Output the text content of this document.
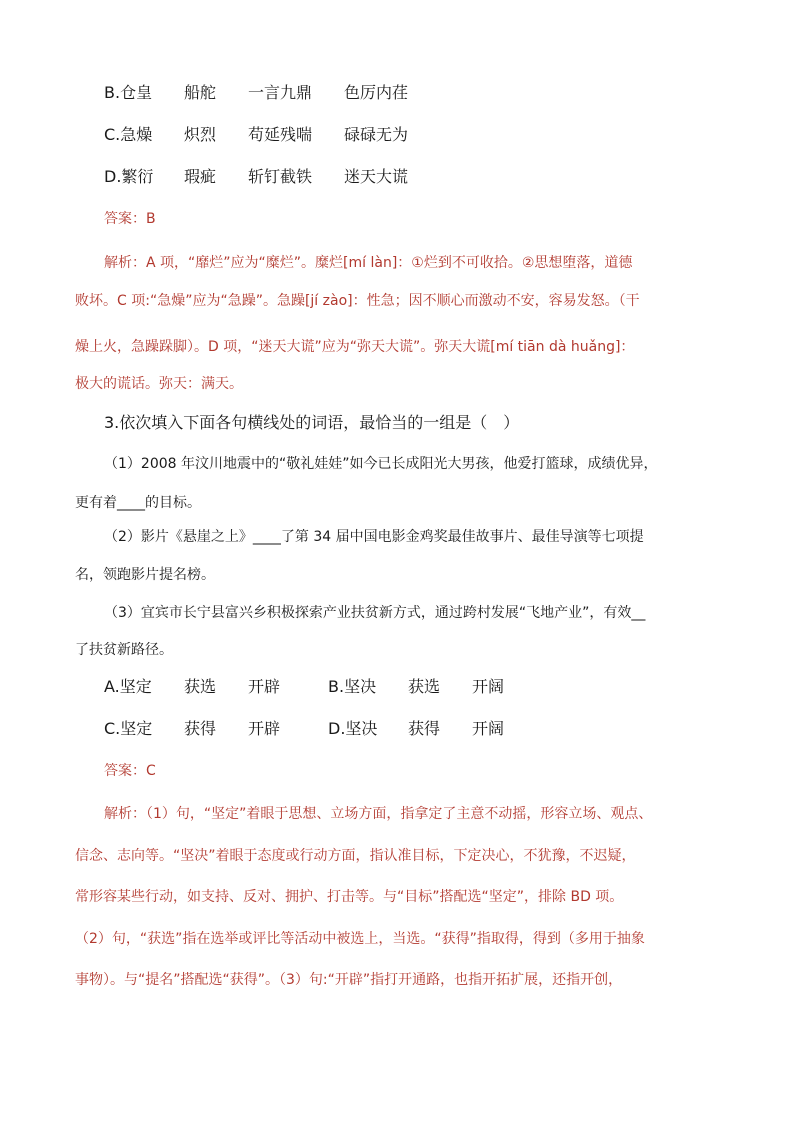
B.仓皇 船舵 一言九鼎 色厉内荏
C.急燥 炽烈 苟延残喘 碌碌无为
D.繁衍 瑕疵 斩钉截铁 迷天大谎
答案：B
解析：A 项，“靡烂”应为“糜烂”。糜烂[mí làn]：①烂到不可收拾。②思想堕落，道德
败坏。C 项:“急燥”应为“急躁”。急躁[jí zào]：性急；因不顺心而激动不安，容易发怒。（干
燥上火，急躁跺脚）。D 项，“迷天大谎”应为“弥天大谎”。弥天大谎[mí tiān dà huǎng]：
极大的谎话。弥天：满天。
3.依次填入下面各句横线处的词语，最恰当的一组是（　）
（1）2008 年汶川地震中的“敬礼娃娃”如今已长成阳光大男孩，他爱打篮球，成绩优异，
更有着____的目标。
（2）影片《悬崖之上》____了第 34 届中国电影金鸡奖最佳故事片、最佳导演等七项提
名，领跑影片提名榜。
（3）宜宾市长宁县富兴乡积极探索产业扶贫新方式，通过跨村发展“飞地产业”，有效__
了扶贫新路径。
A.坚定 获选 开辟	B.坚决 获选 开阔
C.坚定 获得 开辟	D.坚决 获得 开阔
答案：C
解析：（1）句，“坚定”着眼于思想、立场方面，指拿定了主意不动摇，形容立场、观点、
信念、志向等。“坚决”着眼于态度或行动方面，指认准目标，下定决心，不犹豫，不迟疑，
常形容某些行动，如支持、反对、拥护、打击等。与“目标”搭配选“坚定”，排除 BD 项。
（2）句，“获选”指在选举或评比等活动中被选上，当选。“获得”指取得，得到（多用于抽象
事物）。与“提名”搭配选“获得”。（3）句:“开辟”指打开通路，也指开拓扩展，还指开创，
